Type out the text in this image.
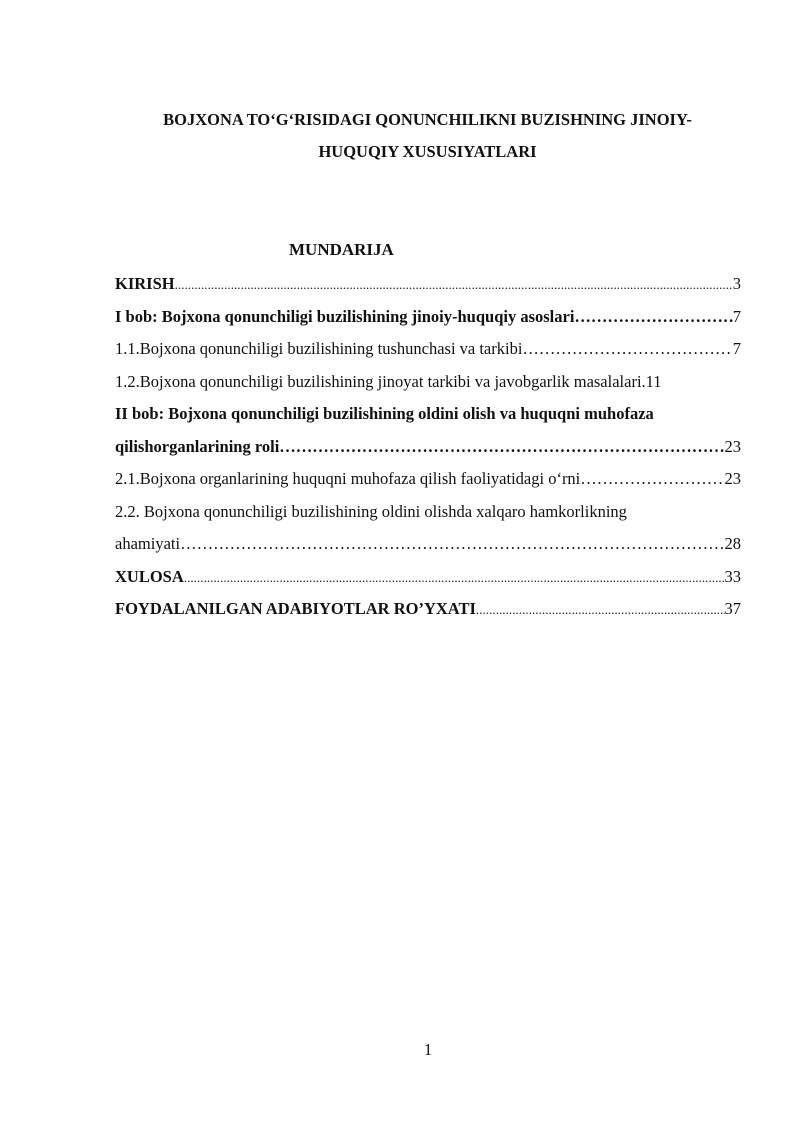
BOJXONA TO‘G‘RISIDAGI QONUNCHILIKNI BUZISHNING JINOIY-
HUQUQIY XUSUSIYATLARI
MUNDARIJA
KIRISH . . .	3
I bob: Bojxona qonunchiligi buzilishining jinoiy-huquqiy asoslari ………………………………………………………………………………………………………………………………………………………………………………………	7
1.1.Bojxona qonunchiligi buzilishining tushunchasi va tarkibi ………………………………………………………………………………………………………………………………………………………………………………………	7
1.2.Bojxona qonunchiligi buzilishining jinoyat tarkibi va javobgarlik masalalari. 11
II bob: Bojxona qonunchiligi buzilishining oldini olish va huquqni muhofaza
qilishorganlarining roli ………………………………………………………………………………………………………………………………………………………………………………………	23
2.1.Bojxona organlarining huquqni muhofaza qilish faoliyatidagi o‘rni ………………………………………………………………………………………………………………………………………………………………………………………	23
2.2. Bojxona qonunchiligi buzilishining oldini olishda xalqaro hamkorlikning
ahamiyati ………………………………………………………………………………………………………………………………………………………………………………………	28
XULOSA . . .	33
FOYDALANILGAN ADABIYOTLAR RO’YXATI . . .	37

1
